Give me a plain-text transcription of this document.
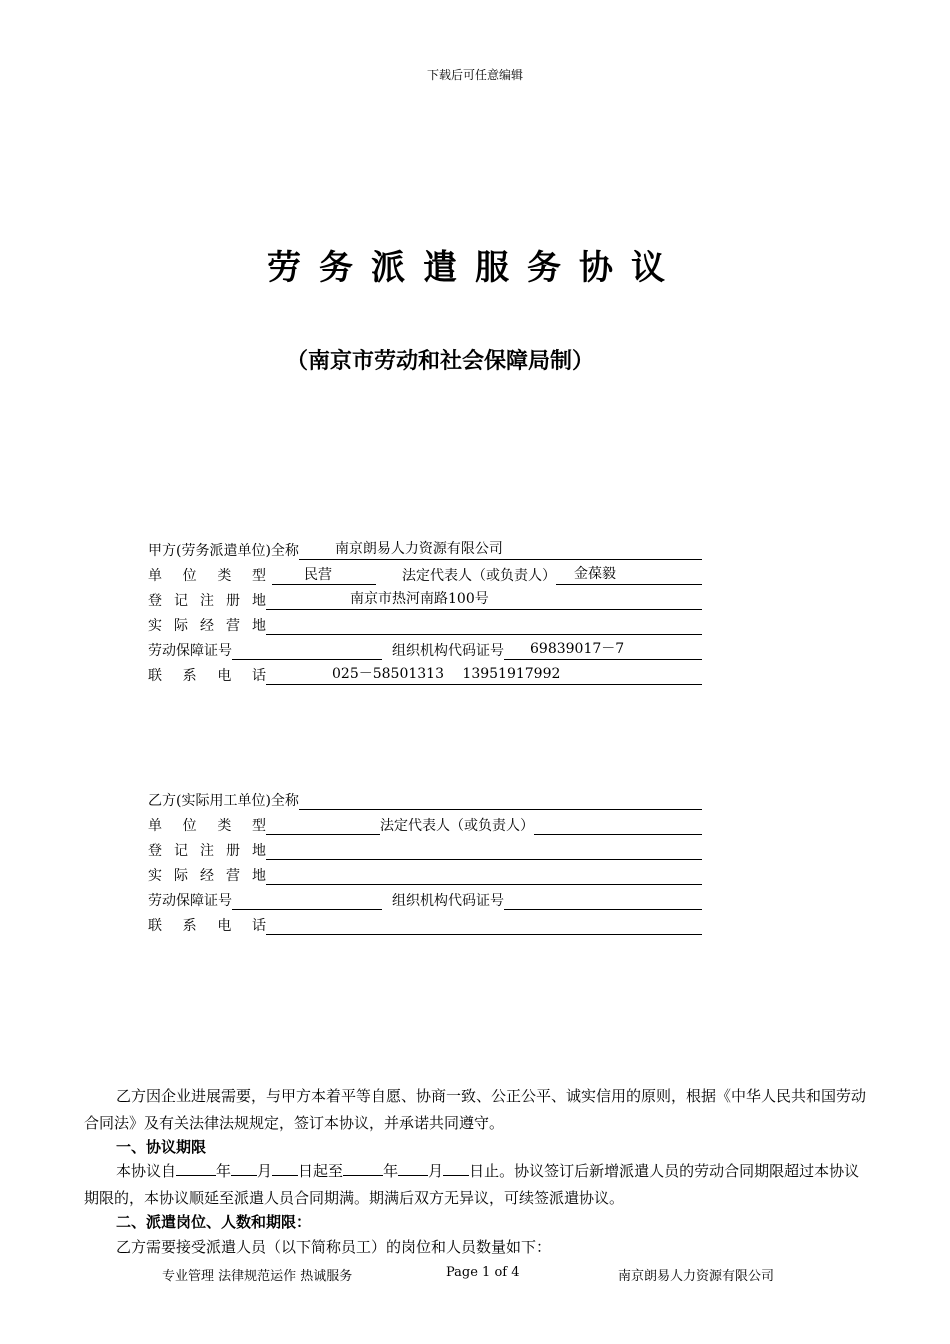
下载后可任意编辑
劳务派遣服务协议
（南京市劳动和社会保障局制）
甲方(劳务派遣单位)全称	南京朗易人力资源有限公司
单 位 类 型	民营	法定代表人（或负责人）	金葆毅
登 记 注 册 地	南京市热河南路100号
实 际 经 营 地
劳动保障证号	组织机构代码证号	69839017－7
联 系 电 话	025－58501313　 13951917992
乙方(实际用工单位)全称
单 位 类 型	法定代表人（或负责人）
登 记 注 册 地
实 际 经 营 地
劳动保障证号	组织机构代码证号
联 系 电 话
乙方因企业进展需要，与甲方本着平等自愿、协商一致、公正公平、诚实信用的原则，根据《中华人民共和国劳动合同法》及有关法律法规规定，签订本协议，并承诺共同遵守。
一、协议期限
本协议自	年 月 日起至	年 月 日止。协议签订后新增派遣人员的劳动合同期限超过本协议期限的，本协议顺延至派遣人员合同期满。期满后双方无异议，可续签派遣协议。
二、派遣岗位、人数和期限：
乙方需要接受派遣人员（以下简称员工）的岗位和人员数量如下：
专业管理 法律规范运作 热诚服务	Page 1 of 4	南京朗易人力资源有限公司
